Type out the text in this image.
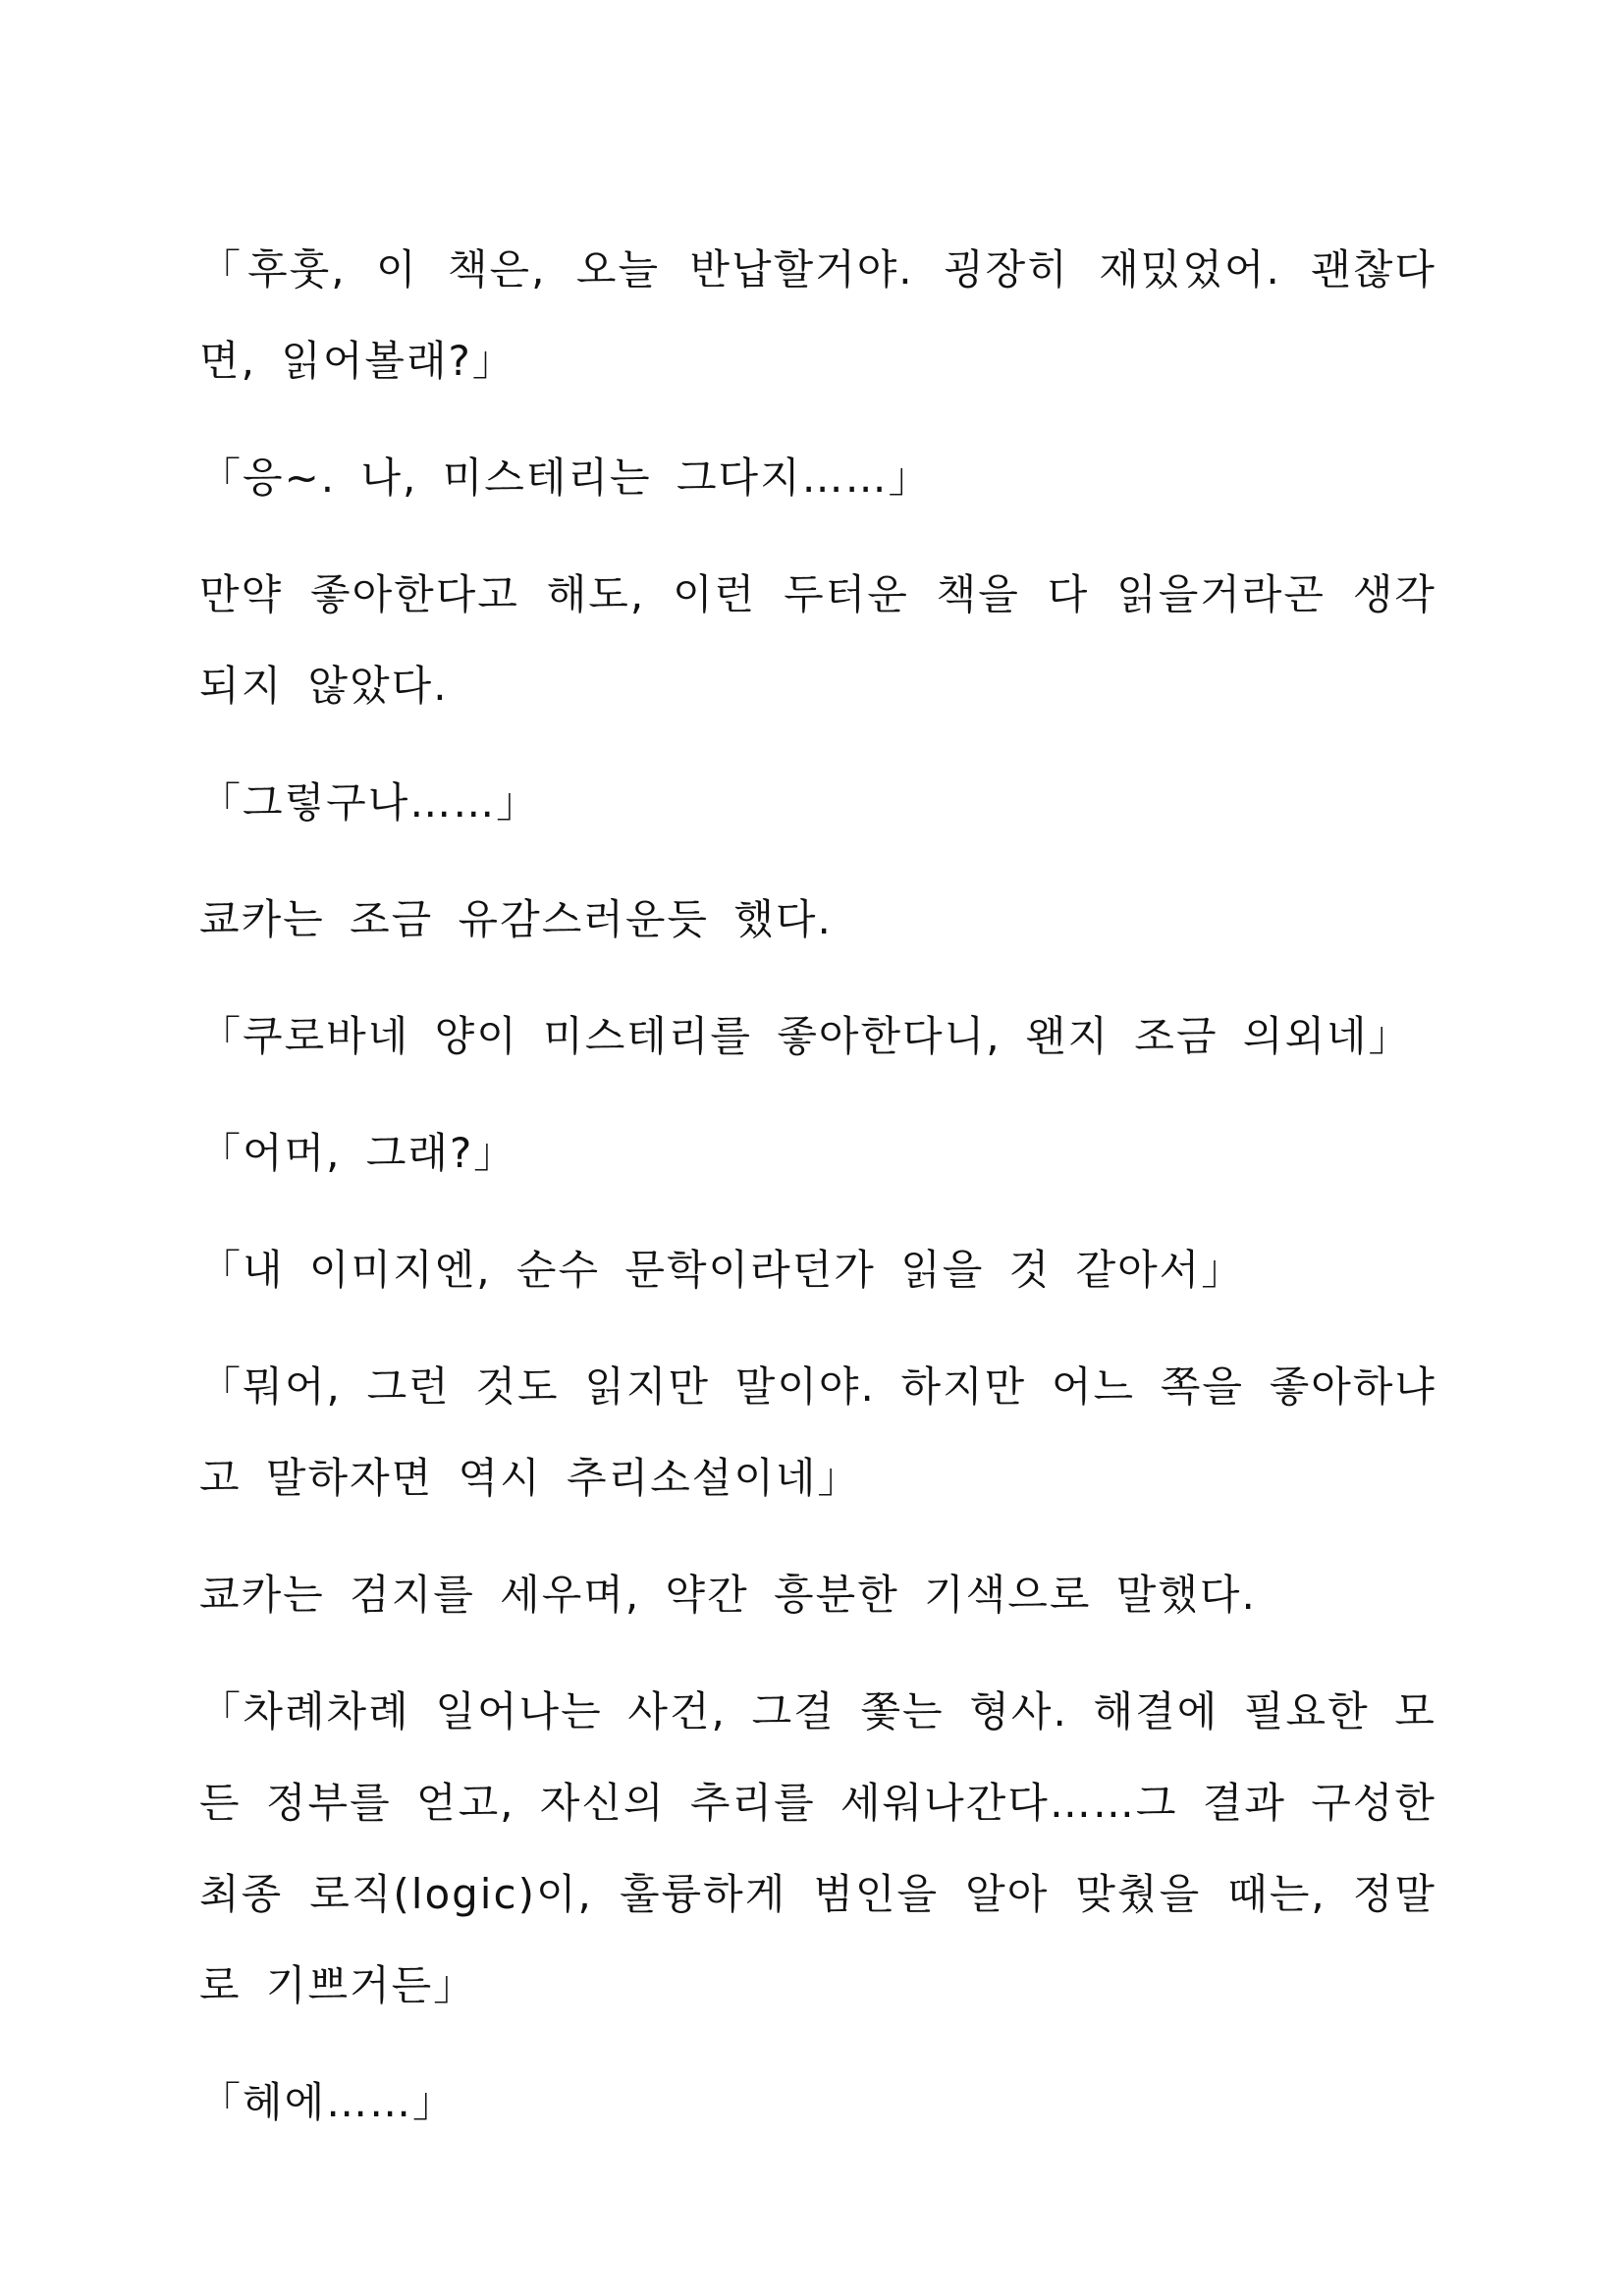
「후훗, 이 책은, 오늘 반납할거야. 굉장히 재밌었어. 괜찮다면, 읽어볼래?」

「응~. 나, 미스테리는 그다지……」

만약 좋아한다고 해도, 이런 두터운 책을 다 읽을거라곤 생각되지 않았다.

「그렇구나……」

쿄카는 조금 유감스러운듯 했다.

「쿠로바네 양이 미스테리를 좋아한다니, 왠지 조금 의외네」

「어머, 그래?」

「내 이미지엔, 순수 문학이라던가 읽을 것 같아서」

「뭐어, 그런 것도 읽지만 말이야. 하지만 어느 쪽을 좋아하냐고 말하자면 역시 추리소설이네」

쿄카는 검지를 세우며, 약간 흥분한 기색으로 말했다.

「차례차례 일어나는 사건, 그걸 쫓는 형사. 해결에 필요한 모든 정부를 얻고, 자신의 추리를 세워나간다……그 결과 구성한 최종 로직(logic)이, 훌륭하게 범인을 알아 맞췄을 때는, 정말로 기쁘거든」

「헤에……」
